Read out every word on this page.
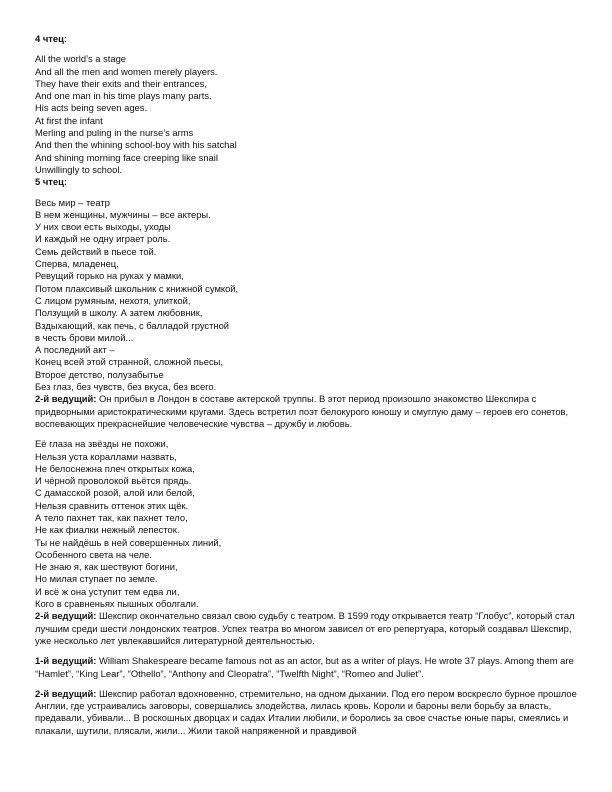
4 чтец:
All the world’s a stage
And all the men and women merely players.
They have their exits and their entrances,
And one man in his time plays many parts.
His acts being seven ages.
At first the infant
Merling and puling in the nurse’s arms
And then the whining school-boy with his satchal
And shining morning face creeping like snail
Unwillingly to school.
5 чтец:
Весь мир – театр
В нем женщины, мужчины – все актеры.
У них свои есть выходы, уходы
И каждый не одну играет роль.
Семь действий в пьесе той.
Сперва, младенец,
Ревущий горько на руках у мамки,
Потом плаксивый школьник с книжной сумкой,
С лицом румяным, нехотя, улиткой,
Ползущий в школу. А затем любовник,
Вздыхающий, как печь, с балладой грустной
в честь брови милой...
А последний акт –
Конец всей этой странной, сложной пьесы,
Второе детство, полузабытье
Без глаз, без чувств, без вкуса, без всего.
2-й ведущий: Он прибыл в Лондон в составе актерской труппы. В этот период произошло знакомство Шекспира с придворными аристократическими кругами. Здесь встретил поэт белокурого юношу и смуглую даму – героев его сонетов, воспевающих прекраснейшие человеческие чувства – дружбу и любовь.
Её глаза на звёзды не похожи,
Нельзя уста кораллами назвать,
Не белоснежна плеч открытых кожа,
И чёрной проволокой вьётся прядь.
С дамасской розой, алой или белой,
Нельзя сравнить оттенок этих щёк.
А тело пахнет так, как пахнет тело,
Не как фиалки нежный лепесток.
Ты не найдёшь в ней совершенных линий,
Особенного света на челе.
Не знаю я, как шествуют богини,
Но милая ступает по земле.
И всё ж она уступит тем едва ли,
Кого в сравненьях пышных оболгали.
2-й ведущий: Шекспир окончательно связал свою судьбу с театром. В 1599 году открывается театр “Глобус”, который стал лучшим среди шести лондонских театров. Успех театра во многом зависел от его репертуара, который создавал Шекспир, уже несколько лет увлекавшийся литературной деятельностью.
1-й ведущий: William Shakespeare became famous not as an actor, but as a writer of plays. He wrote 37 plays. Among them are “Hamlet”, “King Lear”, “Othello”, “Anthony and Cleopatra”, “Twelfth Night”, “Romeo and Juliet”.
2-й ведущий: Шекспир работал вдохновенно, стремительно, на одном дыхании. Под его пером воскресло бурное прошлое Англии, где устраивались заговоры, совершались злодейства, лилась кровь. Короли и бароны вели борьбу за власть, предавали, убивали... В роскошных дворцах и садах Италии любили, и боролись за свое счастье юные пары, смеялись и плакали, шутили, плясали, жили... Жили такой напряженной и правдивой
